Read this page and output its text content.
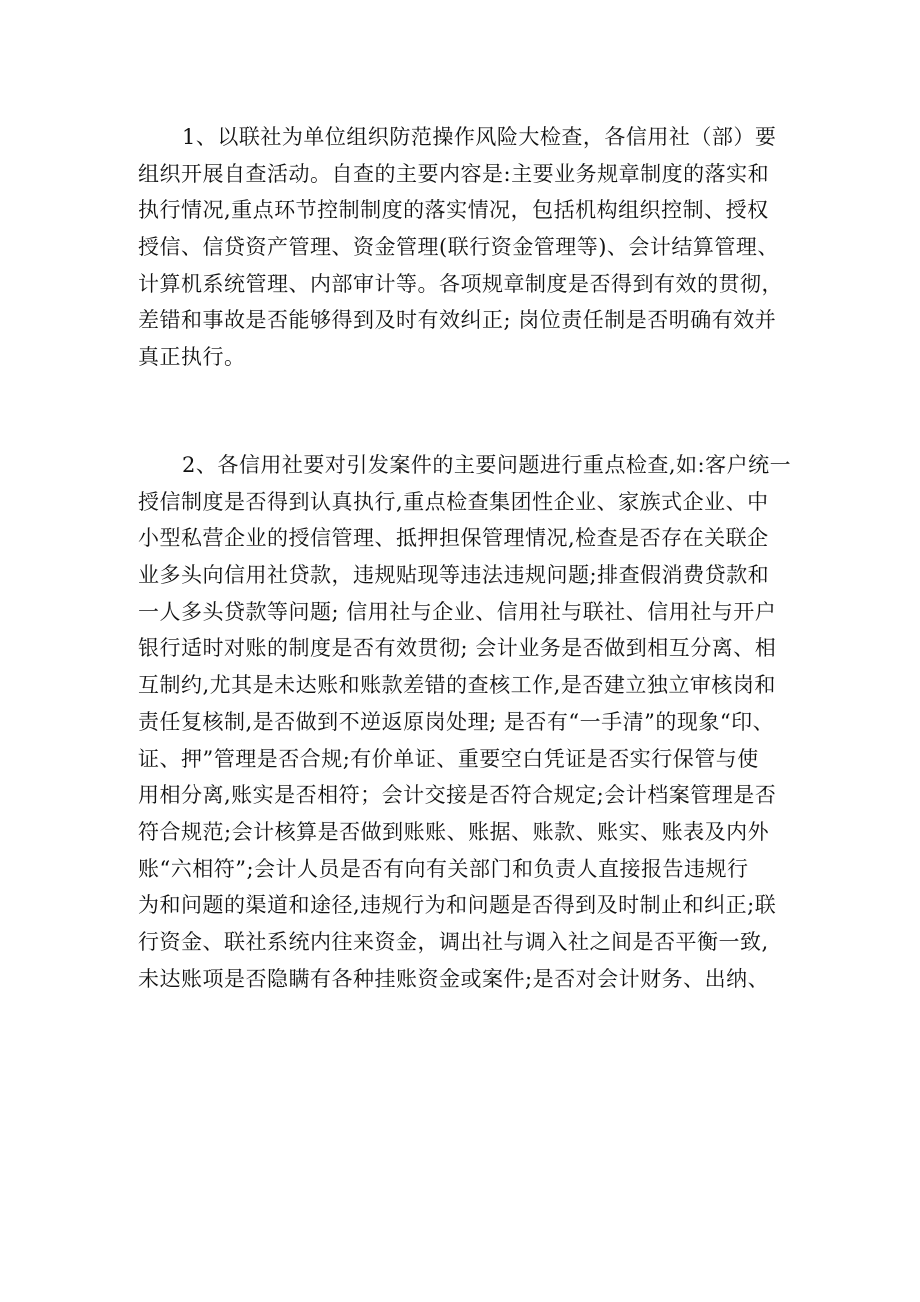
1、以联社为单位组织防范操作风险大检查，各信用社（部）要
组织开展自查活动。自查的主要内容是:主要业务规章制度的落实和
执行情况,重点环节控制制度的落实情况，包括机构组织控制、授权
授信、信贷资产管理、资金管理(联行资金管理等)、会计结算管理、
计算机系统管理、内部审计等。各项规章制度是否得到有效的贯彻，
差错和事故是否能够得到及时有效纠正; 岗位责任制是否明确有效并
真正执行。
2、各信用社要对引发案件的主要问题进行重点检查,如:客户统一
授信制度是否得到认真执行,重点检查集团性企业、家族式企业、中
小型私营企业的授信管理、抵押担保管理情况,检查是否存在关联企
业多头向信用社贷款，违规贴现等违法违规问题;排查假消费贷款和
一人多头贷款等问题; 信用社与企业、信用社与联社、信用社与开户
银行适时对账的制度是否有效贯彻; 会计业务是否做到相互分离、相
互制约,尤其是未达账和账款差错的查核工作,是否建立独立审核岗和
责任复核制,是否做到不逆返原岗处理; 是否有“一手清”的现象“印、
证、押”管理是否合规;有价单证、重要空白凭证是否实行保管与使
用相分离,账实是否相符；会计交接是否符合规定;会计档案管理是否
符合规范;会计核算是否做到账账、账据、账款、账实、账表及内外
账“六相符”;会计人员是否有向有关部门和负责人直接报告违规行
为和问题的渠道和途径,违规行为和问题是否得到及时制止和纠正;联
行资金、联社系统内往来资金，调出社与调入社之间是否平衡一致,
未达账项是否隐瞒有各种挂账资金或案件;是否对会计财务、出纳、
